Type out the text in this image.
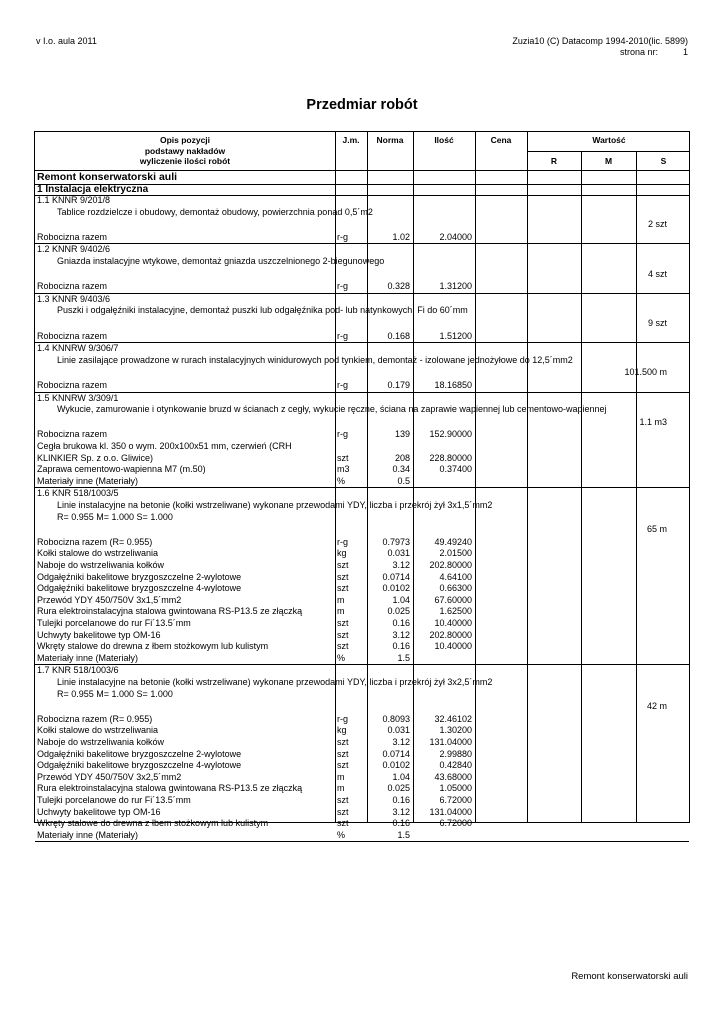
v I.o. aula 2011	Zuzia10 (C) Datacomp 1994-2010(lic. 5899)
strona nr:	1
Przedmiar robót
Opis pozycji
podstawy nakładów
wyliczenie ilości robót
J.m.	Norma	Ilość	Cena	Wartość
R	M	S
Remont konserwatorski auli
1 Instalacja elektryczna
1.1 KNNR 9/201/8
Tablice rozdzielcze i obudowy, demontaż obudowy, powierzchnia ponad 0,5´m2
2 szt
Robocizna razem	r-g	1.02	2.04000
1.2 KNNR 9/402/6
Gniazda instalacyjne wtykowe, demontaż gniazda uszczelnionego 2-biegunowego
4 szt
Robocizna razem	r-g	0.328	1.31200
1.3 KNNR 9/403/6
Puszki i odgałęźniki instalacyjne, demontaż puszki lub odgałęźnika pod- lub natynkowych, Fi do 60´mm
9 szt
Robocizna razem	r-g	0.168	1.51200
1.4 KNNRW 9/306/7
Linie zasilające prowadzone w rurach instalacyjnych winidurowych pod tynkiem, demontaż - izolowane jednożyłowe do 12,5´mm2
101.500 m
Robocizna razem	r-g	0.179	18.16850
1.5 KNNRW 3/309/1
Wykucie, zamurowanie i otynkowanie bruzd w ścianach z cegły, wykucie ręczne, ściana na zaprawie wapiennej lub cementowo-wapiennej
1.1 m3
Robocizna razem	r-g	139	152.90000
Cegła brukowa kl. 350 o wym. 200x100x51 mm, czerwień (CRH
KLINKIER Sp. z o.o. Gliwice)	szt	208	228.80000
Zaprawa cementowo-wapienna M7 (m.50)	m3	0.34	0.37400
Materiały inne (Materiały)	%	0.5
1.6 KNR 518/1003/5
Linie instalacyjne na betonie (kołki wstrzeliwane) wykonane przewodami YDY, liczba i przekrój żył 3x1,5´mm2
R= 0.955 M= 1.000 S= 1.000
65 m
Robocizna razem (R= 0.955)	r-g	0.7973	49.49240
Kołki stalowe do wstrzeliwania	kg	0.031	2.01500
Naboje do wstrzeliwania kołków	szt	3.12	202.80000
Odgałęźniki bakelitowe bryzgoszczelne 2-wylotowe	szt	0.0714	4.64100
Odgałęźniki bakelitowe bryzgoszczelne 4-wylotowe	szt	0.0102	0.66300
Przewód YDY 450/750V 3x1,5´mm2	m	1.04	67.60000
Rura elektroinstalacyjna stalowa gwintowana RS-P13.5 ze złączką	m	0.025	1.62500
Tulejki porcelanowe do rur Fi´13.5´mm	szt	0.16	10.40000
Uchwyty bakelitowe typ OM-16	szt	3.12	202.80000
Wkręty stalowe do drewna z łbem stożkowym lub kulistym	szt	0.16	10.40000
Materiały inne (Materiały)	%	1.5
1.7 KNR 518/1003/6
Linie instalacyjne na betonie (kołki wstrzeliwane) wykonane przewodami YDY, liczba i przekrój żył 3x2,5´mm2
R= 0.955 M= 1.000 S= 1.000
42 m
Robocizna razem (R= 0.955)	r-g	0.8093	32.46102
Kołki stalowe do wstrzeliwania	kg	0.031	1.30200
Naboje do wstrzeliwania kołków	szt	3.12	131.04000
Odgałęźniki bakelitowe bryzgoszczelne 2-wylotowe	szt	0.0714	2.99880
Odgałęźniki bakelitowe bryzgoszczelne 4-wylotowe	szt	0.0102	0.42840
Przewód YDY 450/750V 3x2,5´mm2	m	1.04	43.68000
Rura elektroinstalacyjna stalowa gwintowana RS-P13.5 ze złączką	m	0.025	1.05000
Tulejki porcelanowe do rur Fi´13.5´mm	szt	0.16	6.72000
Uchwyty bakelitowe typ OM-16	szt	3.12	131.04000
Wkręty stalowe do drewna z łbem stożkowym lub kulistym	szt	0.16	6.72000
Materiały inne (Materiały)	%	1.5
Remont konserwatorski auli
